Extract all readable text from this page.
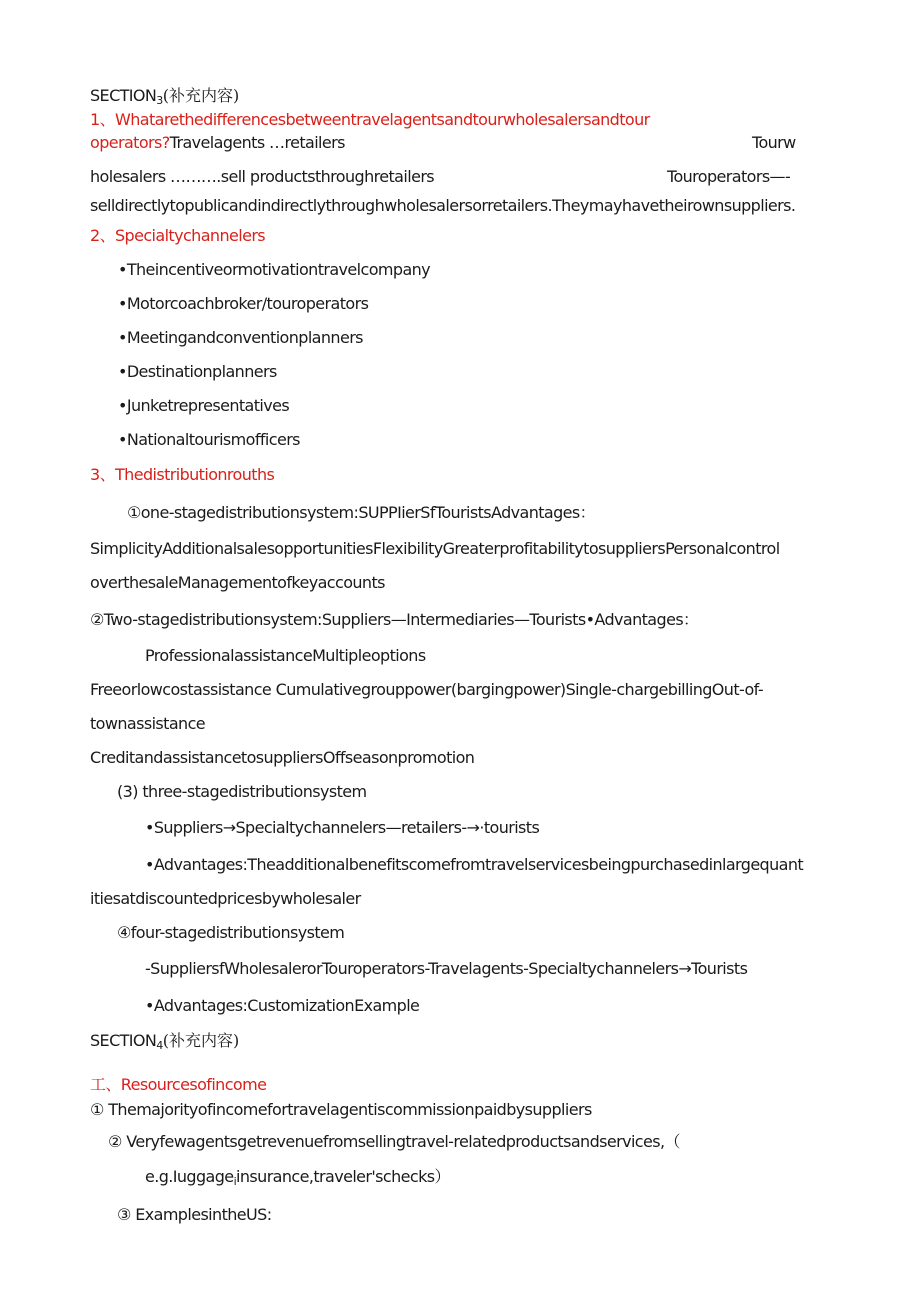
$SECTION_3$(补充内容)
1、Whatarethedifferencesbetweentravelagentsandtourwholesalersandtour
operators?Travelagents …retailers	Tourw
holesalers ……….sell productsthroughretailers	Touroperators—-
selldirectlytopublicandindirectlythroughwholesalersorretailers.Theymayhavetheirownsuppliers.
2、Specialtychannelers
•Theincentiveormotivationtravelcompany
•Motorcoachbroker/touroperators
•Meetingandconventionplanners
•Destinationplanners
•Junketrepresentatives
•Nationaltourismofficers
3、Thedistributionrouths
①one-stagedistributionsystem:SUPPIierSfTouristsAdvantages：
SimplicityAdditionalsalesopportunitiesFlexibilityGreaterprofitabilitytosuppliersPersonalcontrol
overthesaleManagementofkeyaccounts
②Two-stagedistributionsystem:Suppliers—Intermediaries—Tourists•Advantages：
ProfessionalassistanceMultipleoptions
Freeorlowcostassistance Cumulativegrouppower(bargingpower)Single-chargebillingOut-of-
townassistance
CreditandassistancetosuppliersOffseasonpromotion
(3) three-stagedistributionsystem
•Suppliers→Specialtychannelers—retailers-→·tourists
•Advantages:Theadditionalbenefitscomefromtravelservicesbeingpurchasedinlargequant
itiesatdiscountedpricesbywholesaler
④four-stagedistributionsystem
-SuppliersfWholesalerorTouroperators-Travelagents-Specialtychannelers→Tourists
•Advantages:CustomizationExample
$SECTION_4$(补充内容)
工、Resourcesofincome
① Themajorityofincomefortravelagentiscommissionpaidbysuppliers
② Veryfewagentsgetrevenuefromsellingtravel-relatedproductsandservices,（
e.g.Iuggage$_i$insurance,traveler'schecks）
③ ExamplesintheUS:
